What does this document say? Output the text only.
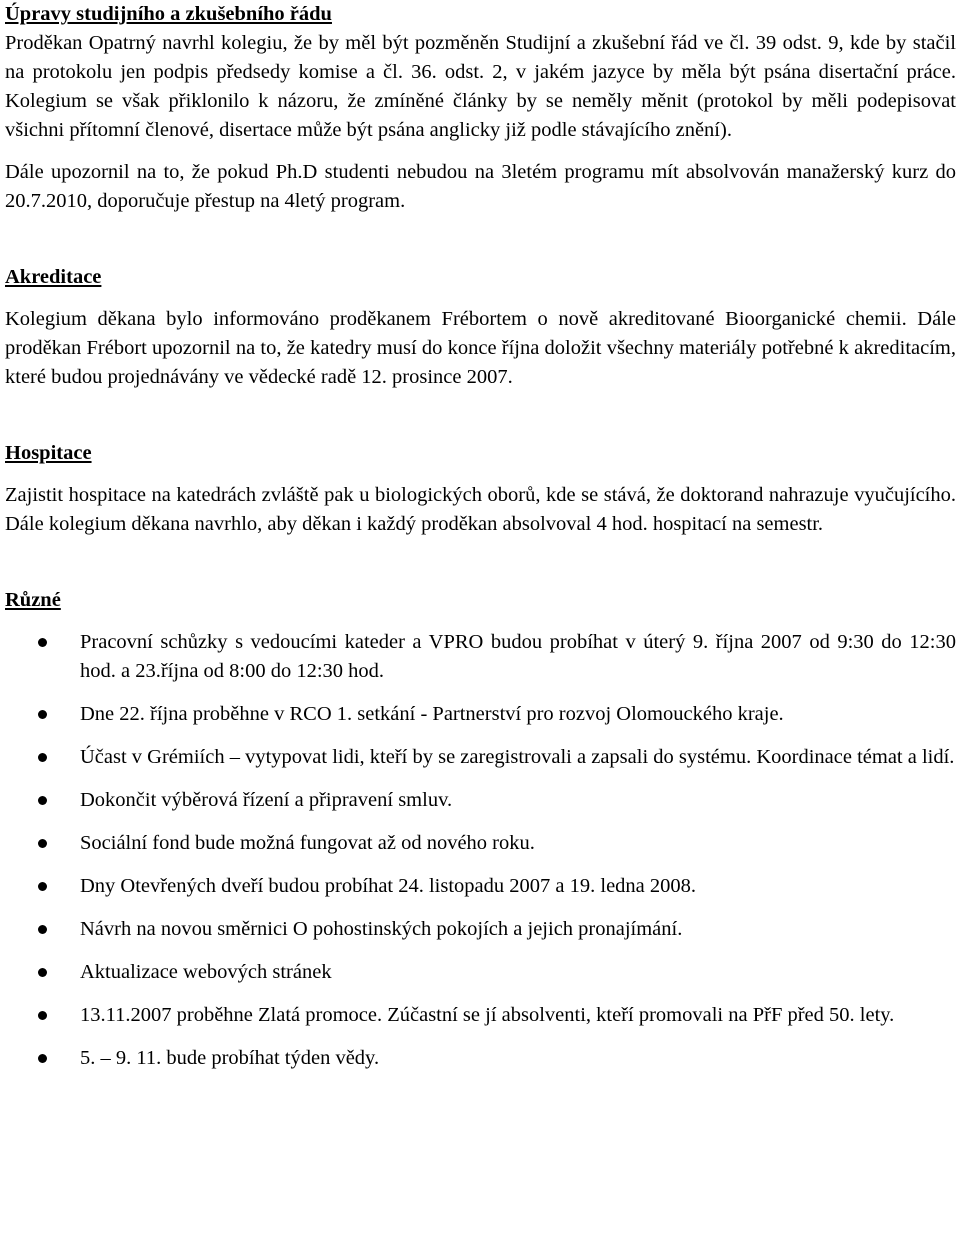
Úpravy studijního a zkušebního řádu

Proděkan Opatrný navrhl kolegiu, že by měl být pozměněn Studijní a zkušební řád ve čl. 39 odst. 9, kde by stačil na protokolu jen podpis předsedy komise a čl. 36. odst. 2, v jakém jazyce by měla být psána disertační práce. Kolegium se však přiklonilo k názoru, že zmíněné články by se neměly měnit (protokol by měli podepisovat všichni přítomní členové, disertace může být psána anglicky již podle stávajícího znění).

Dále upozornil na to, že pokud Ph.D studenti nebudou na 3letém programu mít absolvován manažerský kurz do 20.7.2010, doporučuje přestup na 4letý program.

Akreditace

Kolegium děkana bylo informováno proděkanem Frébortem o nově akreditované Bioorganické chemii. Dále proděkan Frébort upozornil na to, že katedry musí do konce října doložit všechny materiály potřebné k akreditacím, které budou projednávány ve vědecké radě 12. prosince 2007.

Hospitace

Zajistit hospitace na katedrách zvláště pak u biologických oborů, kde se stává, že doktorand nahrazuje vyučujícího. Dále kolegium děkana navrhlo, aby děkan i každý proděkan absolvoval 4 hod. hospitací na semestr.

Různé
Pracovní schůzky s vedoucími kateder a VPRO budou probíhat v úterý 9. října 2007 od 9:30 do 12:30 hod. a 23.října od 8:00 do 12:30 hod.
Dne 22. října proběhne v RCO 1. setkání - Partnerství pro rozvoj Olomouckého kraje.
Účast v Grémiích – vytypovat lidi, kteří by se zaregistrovali a zapsali do systému. Koordinace témat a lidí.
Dokončit výběrová řízení a připravení smluv.
Sociální fond bude možná fungovat až od nového roku.
Dny Otevřených dveří budou probíhat 24. listopadu 2007 a 19. ledna 2008.
Návrh na novou směrnici O pohostinských pokojích a jejich pronajímání.
Aktualizace webových stránek
13.11.2007 proběhne Zlatá promoce. Zúčastní se jí absolventi, kteří promovali na PřF před 50. lety.
5. – 9. 11. bude probíhat týden vědy.
